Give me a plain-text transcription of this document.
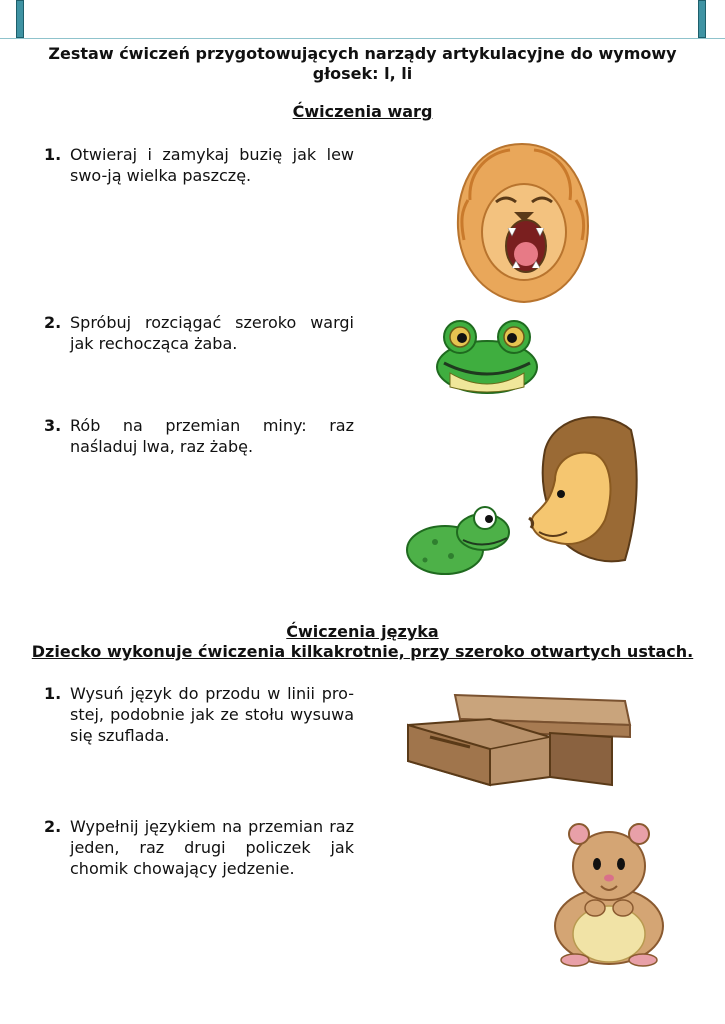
Zestaw ćwiczeń przygotowujących narządy artykulacyjne do wymowy głosek: l, li
Ćwiczenia warg
1. Otwieraj i zamykaj buzię jak lew swo-ją wielka paszczę.
2. Spróbuj rozciągać szeroko wargi jak rechocząca żaba.
3. Rób na przemian miny: raz naśladuj lwa, raz żabę.
Ćwiczenia języka
Dziecko wykonuje ćwiczenia kilkakrotnie, przy szeroko otwartych ustach.
1. Wysuń język do przodu w linii pro-stej, podobnie jak ze stołu wysuwa się szuflada.
2. Wypełnij językiem na przemian raz jeden, raz drugi policzek jak chomik chowający jedzenie.
